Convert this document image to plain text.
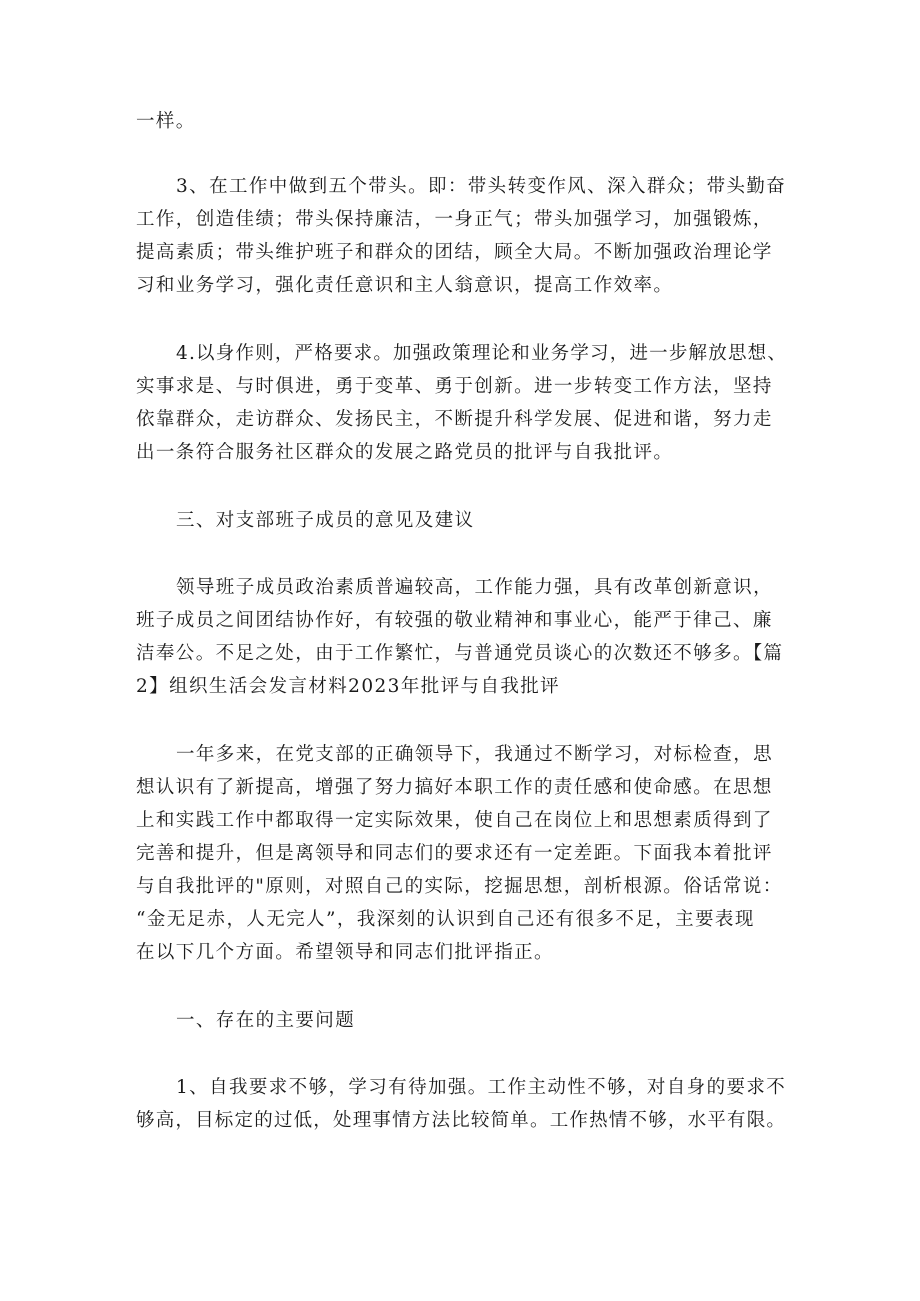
一样。
3、在工作中做到五个带头。即：带头转变作风、深入群众；带头勤奋
工作，创造佳绩；带头保持廉洁，一身正气；带头加强学习，加强锻炼，
提高素质；带头维护班子和群众的团结，顾全大局。不断加强政治理论学
习和业务学习，强化责任意识和主人翁意识，提高工作效率。
4.以身作则，严格要求。加强政策理论和业务学习，进一步解放思想、
实事求是、与时俱进，勇于变革、勇于创新。进一步转变工作方法，坚持
依靠群众，走访群众、发扬民主，不断提升科学发展、促进和谐，努力走
出一条符合服务社区群众的发展之路党员的批评与自我批评。
三、对支部班子成员的意见及建议
领导班子成员政治素质普遍较高，工作能力强，具有改革创新意识，
班子成员之间团结协作好，有较强的敬业精神和事业心，能严于律己、廉
洁奉公。不足之处，由于工作繁忙，与普通党员谈心的次数还不够多。【篇
2】组织生活会发言材料2023年批评与自我批评
一年多来，在党支部的正确领导下，我通过不断学习，对标检查，思
想认识有了新提高，增强了努力搞好本职工作的责任感和使命感。在思想
上和实践工作中都取得一定实际效果，使自己在岗位上和思想素质得到了
完善和提升，但是离领导和同志们的要求还有一定差距。下面我本着批评
与自我批评的"原则，对照自己的实际，挖掘思想，剖析根源。俗话常说：
“金无足赤，人无完人”，我深刻的认识到自己还有很多不足，主要表现
在以下几个方面。希望领导和同志们批评指正。
一、存在的主要问题
1、自我要求不够，学习有待加强。工作主动性不够，对自身的要求不
够高，目标定的过低，处理事情方法比较简单。工作热情不够，水平有限。
